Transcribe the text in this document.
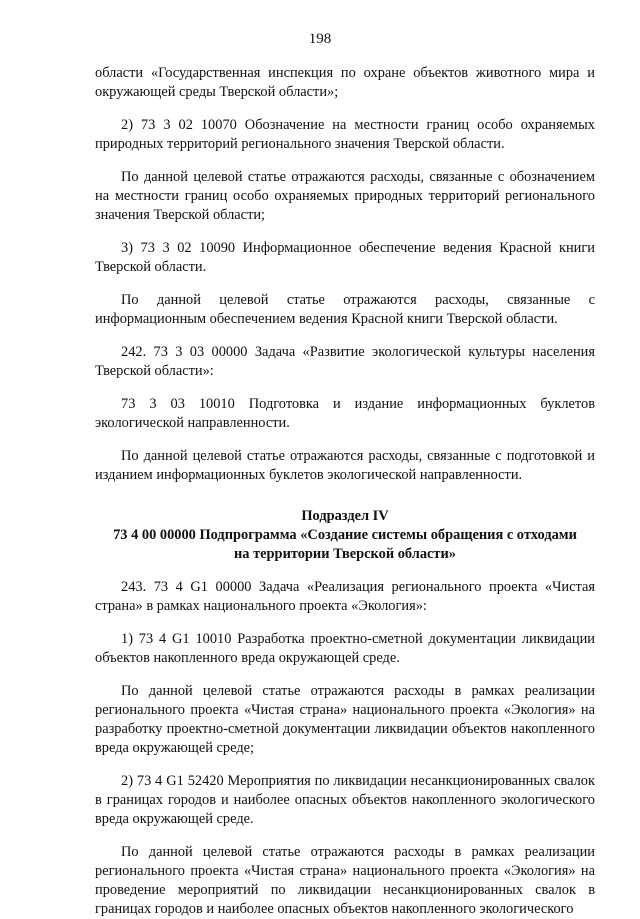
198

области «Государственная инспекция по охране объектов животного мира и окружающей среды Тверской области»;

2) 73 3 02 10070 Обозначение на местности границ особо охраняемых природных территорий регионального значения Тверской области.

По данной целевой статье отражаются расходы, связанные с обозначением на местности границ особо охраняемых природных территорий регионального значения Тверской области;

3) 73 3 02 10090 Информационное обеспечение ведения Красной книги Тверской области.

По данной целевой статье отражаются расходы, связанные с информационным обеспечением ведения Красной книги Тверской области.

242. 73 3 03 00000 Задача «Развитие экологической культуры населения Тверской области»:

73 3 03 10010 Подготовка и издание информационных буклетов экологической направленности.

По данной целевой статье отражаются расходы, связанные с подготовкой и изданием информационных буклетов экологической направленности.

Подраздел IV

73 4 00 00000 Подпрограмма «Создание системы обращения с отходами

на территории Тверской области»

243. 73 4 G1 00000 Задача «Реализация регионального проекта «Чистая страна» в рамках национального проекта «Экология»:

1) 73 4 G1 10010 Разработка проектно-сметной документации ликвидации объектов накопленного вреда окружающей среде.

По данной целевой статье отражаются расходы в рамках реализации регионального проекта «Чистая страна» национального проекта «Экология» на разработку проектно-сметной документации ликвидации объектов накопленного вреда окружающей среде;

2) 73 4 G1 52420 Мероприятия по ликвидации несанкционированных свалок в границах городов и наиболее опасных объектов накопленного экологического вреда окружающей среде.

По данной целевой статье отражаются расходы в рамках реализации регионального проекта «Чистая страна» национального проекта «Экология» на проведение мероприятий по ликвидации несанкционированных свалок в границах городов и наиболее опасных объектов накопленного экологического
